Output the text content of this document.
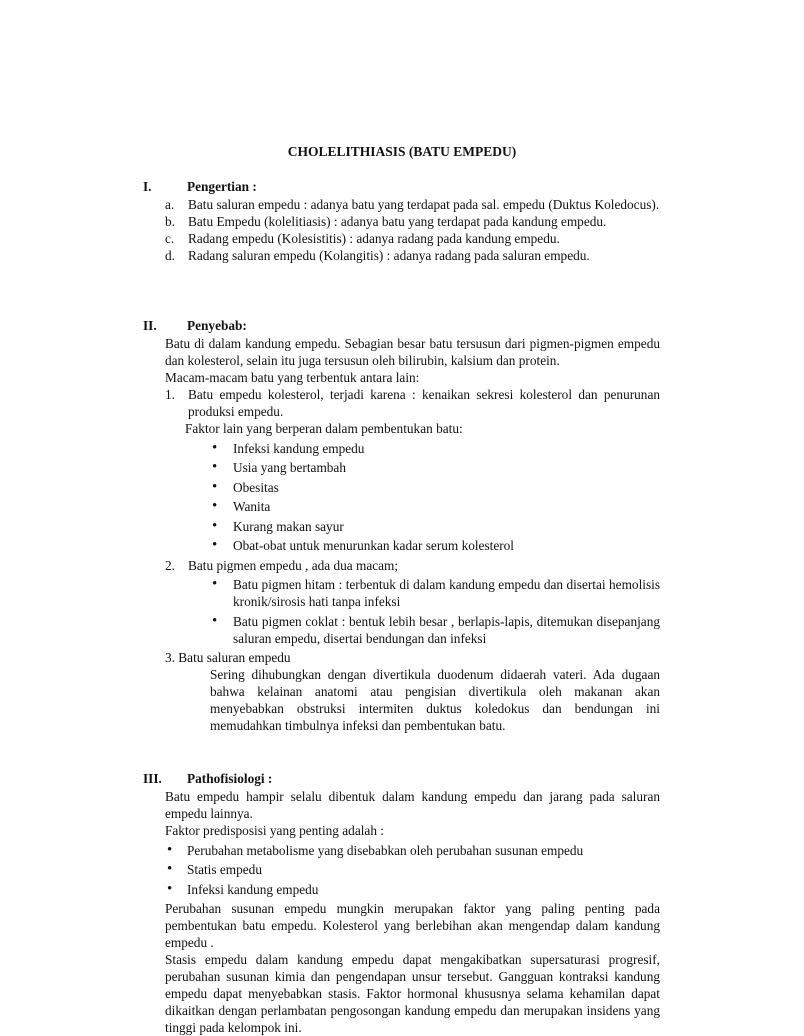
CHOLELITHIASIS (BATU EMPEDU)
I.	Pengertian :
a. Batu saluran empedu : adanya batu yang terdapat pada sal. empedu (Duktus Koledocus).
b. Batu Empedu (kolelitiasis) : adanya batu yang terdapat pada kandung empedu.
c. Radang empedu (Kolesistitis) : adanya radang pada kandung empedu.
d. Radang saluran empedu (Kolangitis) : adanya radang pada saluran empedu.
II. Penyebab:
Batu di dalam kandung empedu. Sebagian besar batu tersusun dari pigmen-pigmen empedu dan kolesterol, selain itu juga tersusun oleh bilirubin, kalsium dan protein.
Macam-macam batu yang terbentuk antara lain:
1. Batu empedu kolesterol, terjadi karena : kenaikan sekresi kolesterol dan penurunan produksi empedu.
Faktor lain yang berperan dalam pembentukan batu:
• Infeksi kandung empedu
• Usia yang bertambah
• Obesitas
• Wanita
• Kurang makan sayur
• Obat-obat untuk menurunkan kadar serum kolesterol
2. Batu pigmen empedu , ada dua macam;
• Batu pigmen hitam : terbentuk di dalam kandung empedu dan disertai hemolisis kronik/sirosis hati tanpa infeksi
• Batu pigmen coklat : bentuk lebih besar , berlapis-lapis, ditemukan disepanjang saluran empedu, disertai bendungan dan infeksi
3. Batu saluran empedu
Sering dihubungkan dengan divertikula duodenum didaerah vateri. Ada dugaan bahwa kelainan anatomi atau pengisian divertikula oleh makanan akan menyebabkan obstruksi intermiten duktus koledokus dan bendungan ini memudahkan timbulnya infeksi dan pembentukan batu.
III. Pathofisiologi :
Batu empedu hampir selalu dibentuk dalam kandung empedu dan jarang pada saluran empedu lainnya.
Faktor predisposisi yang penting adalah :
• Perubahan metabolisme yang disebabkan oleh perubahan susunan empedu
• Statis empedu
• Infeksi kandung empedu
Perubahan susunan empedu mungkin merupakan faktor yang paling penting pada pembentukan batu empedu. Kolesterol yang berlebihan akan mengendap dalam kandung empedu .
Stasis empedu dalam kandung empedu dapat mengakibatkan supersaturasi progresif, perubahan susunan kimia dan pengendapan unsur tersebut. Gangguan kontraksi kandung empedu dapat menyebabkan stasis. Faktor hormonal khususnya selama kehamilan dapat dikaitkan dengan perlambatan pengosongan kandung empedu dan merupakan insidens yang tinggi pada kelompok ini.
